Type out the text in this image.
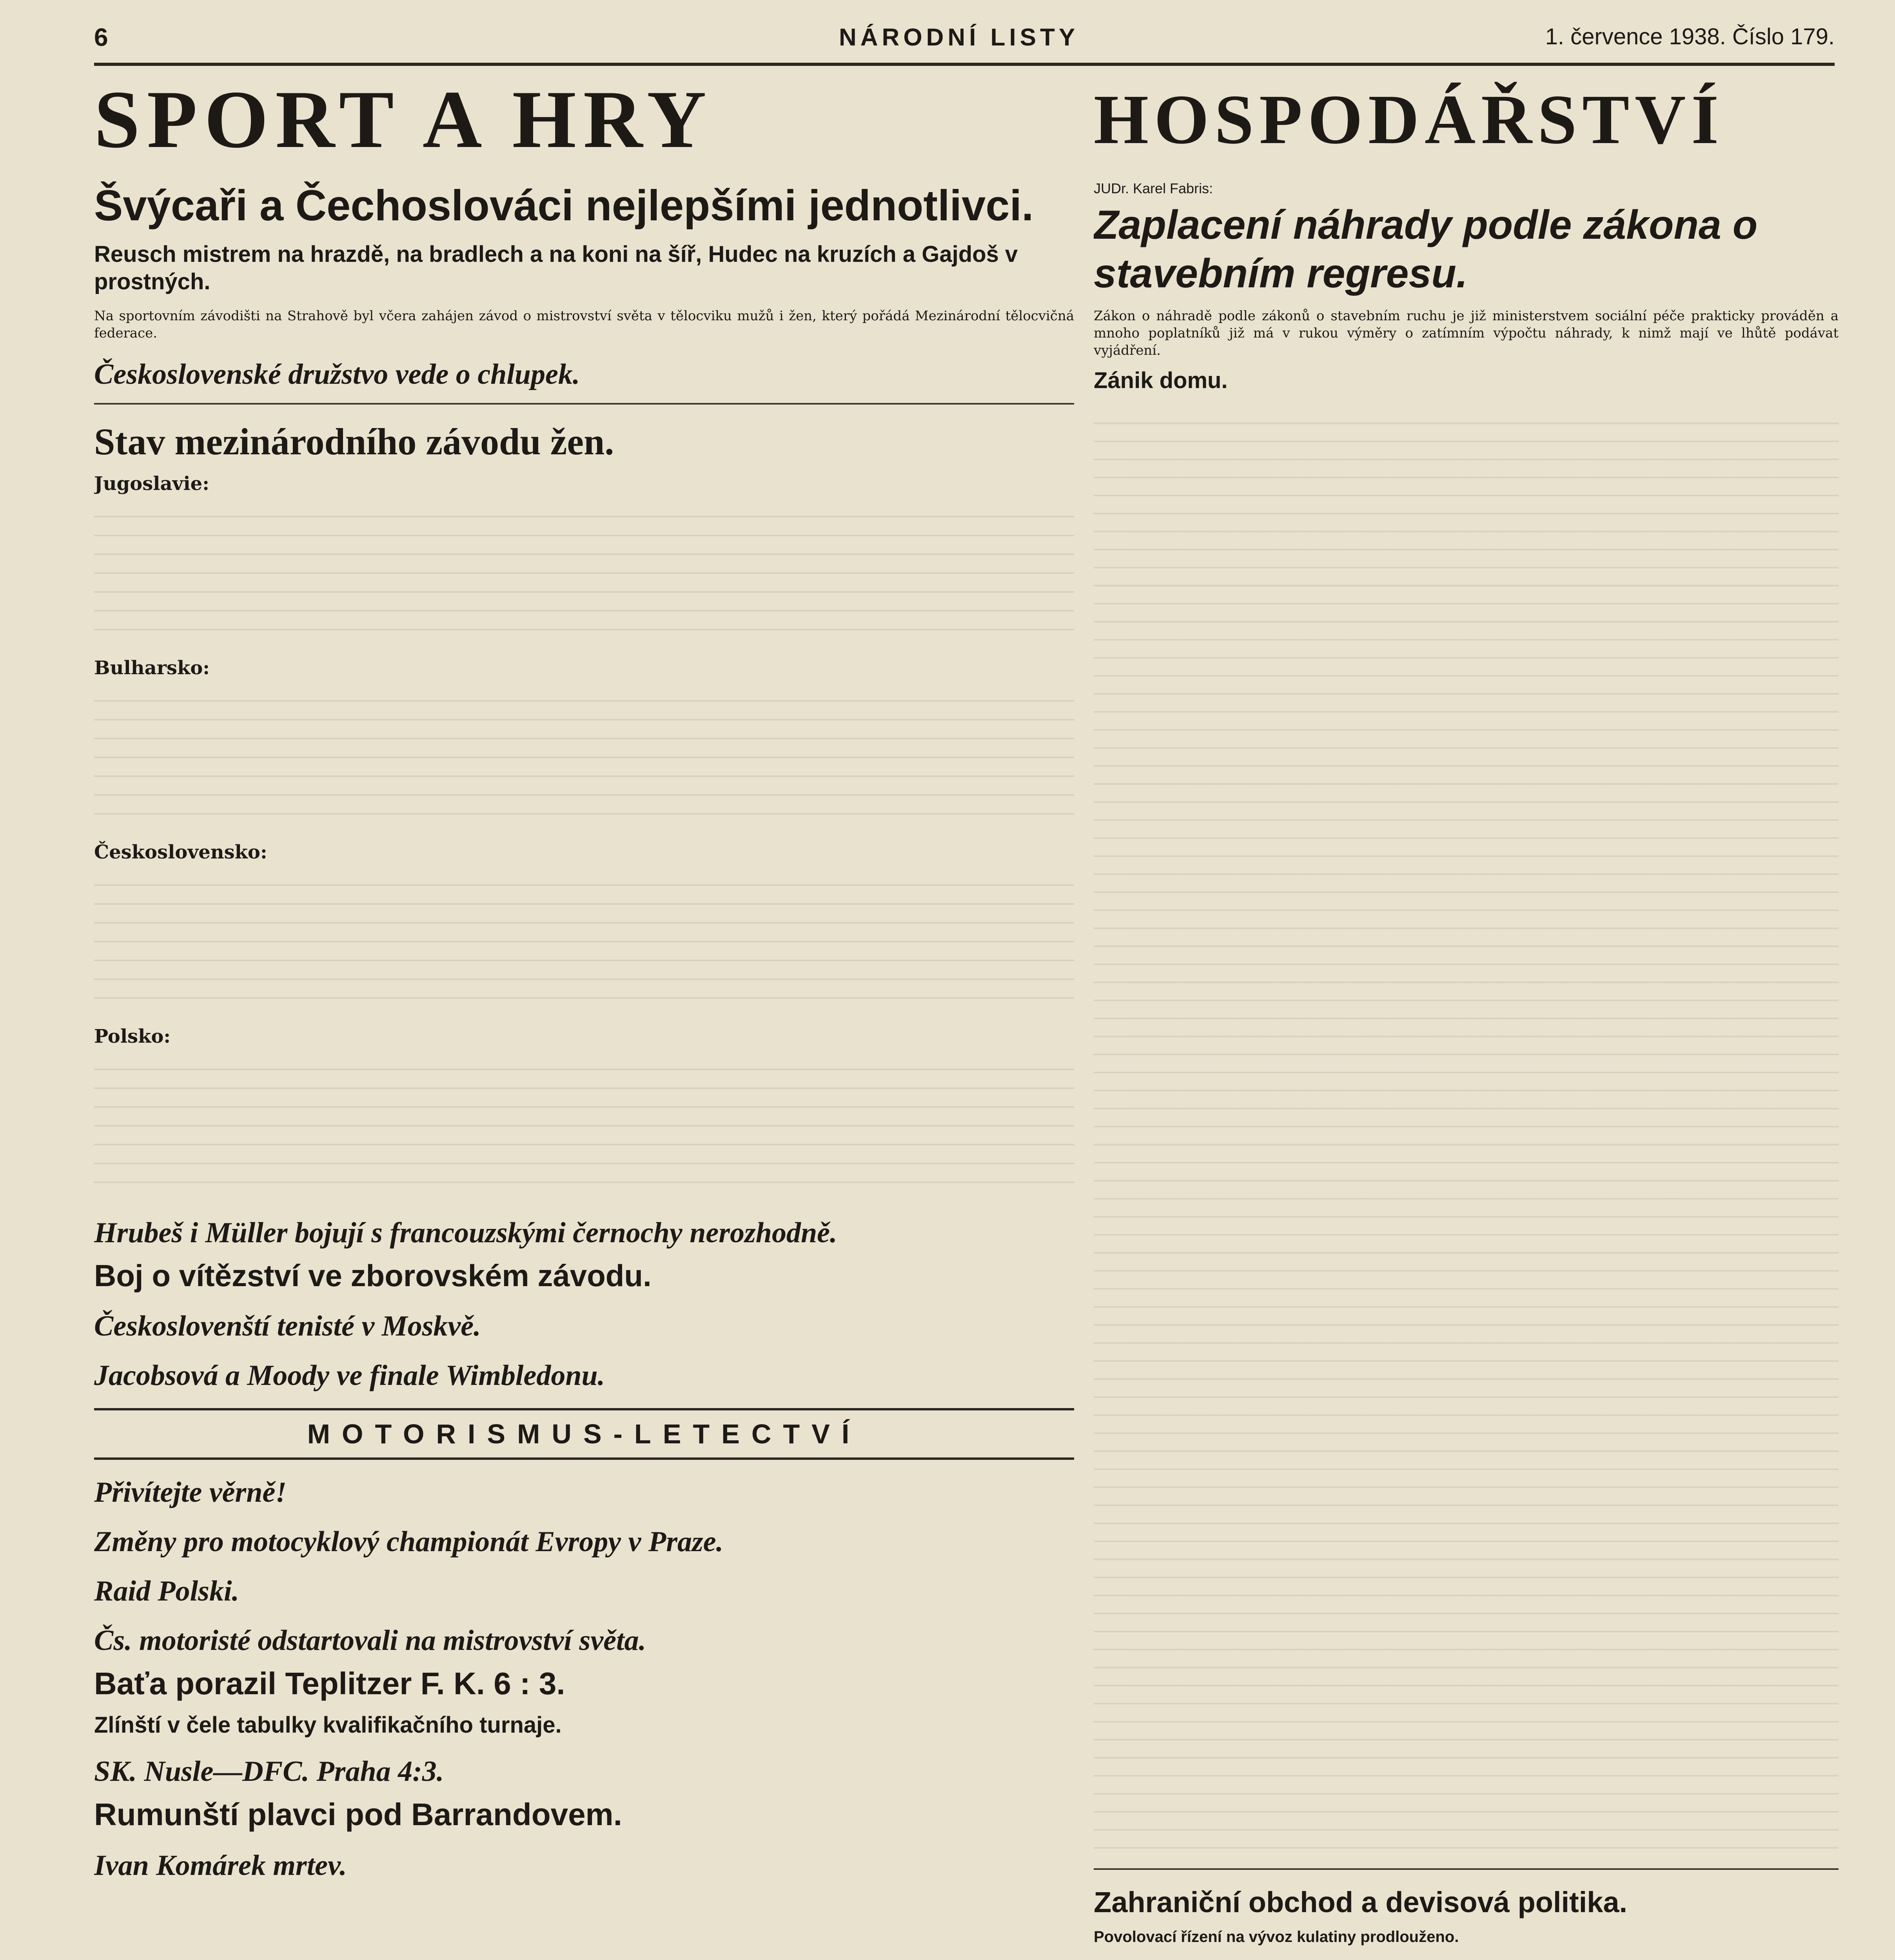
6	NÁRODNÍ LISTY	1. července 1938. Číslo 179.
SPORT A HRY
Švýcaři a Čechoslováci nejlepšími jednotlivci.
Reusch mistrem na hrazdě, na bradlech a na koni na šíř, Hudec na kruzích a Gajdoš v prostných.

Na sportovním závodišti na Strahově byl včera zahájen závod o mistrovství světa v tělocviku mužů i žen, který pořádá Mezinárodní tělocvičná federace.

Československé družstvo vede o chlupek.
Stav mezinárodního závodu žen.
Jugoslavie:
Bulharsko:
Československo:
Polsko:
Hrubeš i Müller bojují s francouzskými černochy nerozhodně.
Boj o vítězství ve zborovském závodu.
Českoslovenští tenisté v Moskvě.
Jacobsová a Moody ve finale Wimbledonu.
MOTORISMUS-LETECTVÍ
Přivítejte věrně!
Změny pro motocyklový championát Evropy v Praze.
Raid Polski.
Čs. motoristé odstartovali na mistrovství světa.
Baťa porazil Teplitzer F. K. 6 : 3.
Zlínští v čele tabulky kvalifikačního turnaje.
SK. Nusle—DFC. Praha 4:3.
Rumunští plavci pod Barrandovem.
Ivan Komárek mrtev.
HOSPODÁŘSTVÍ
JUDr. Karel Fabris:
Zaplacení náhrady podle zákona o stavebním regresu.

Zákon o náhradě podle zákonů o stavebním ruchu je již ministerstvem sociální péče prakticky prováděn a mnoho poplatníků již má v rukou výměry o zatímním výpočtu náhrady, k nimž mají ve lhůtě podávat vyjádření.

Zánik domu.
Zahraniční obchod a devisová politika.
Povolovací řízení na vývoz kulatiny prodlouženo.
